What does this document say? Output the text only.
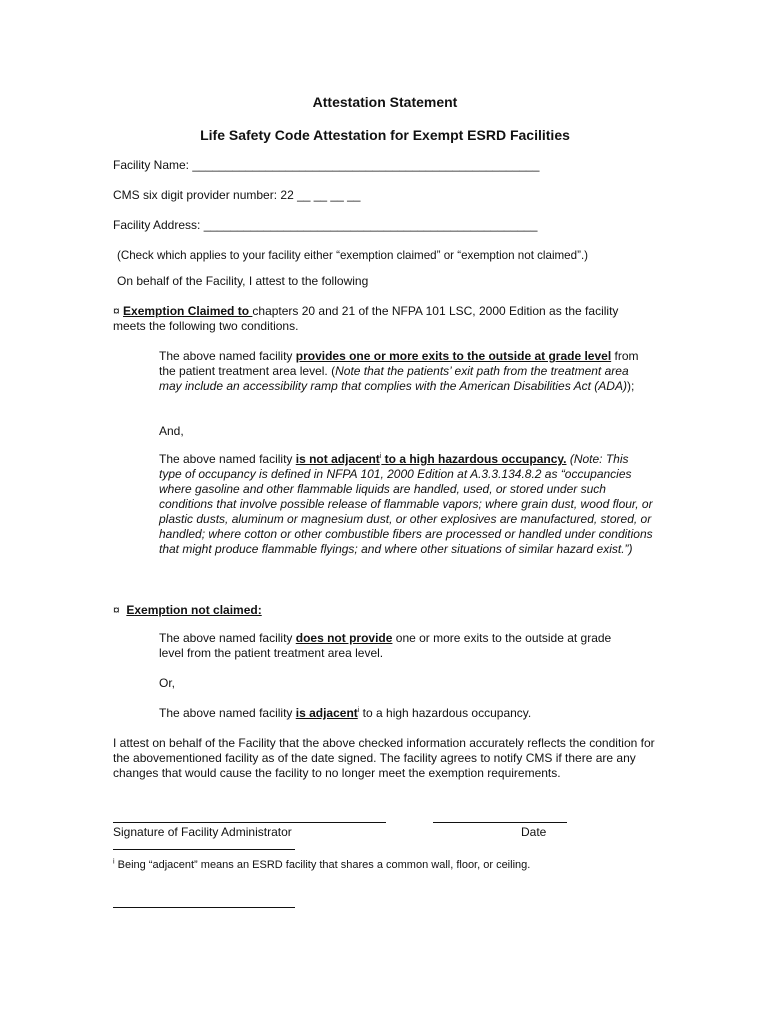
Attestation Statement
Life Safety Code Attestation for Exempt ESRD Facilities
Facility Name: ____________________________________________________
CMS six digit provider number: 22 __ __ __ __
Facility Address: __________________________________________________
(Check which applies to your facility either “exemption claimed” or “exemption not claimed”.)
On behalf of the Facility, I attest to the following
¤ Exemption Claimed to chapters 20 and 21 of the NFPA 101 LSC, 2000 Edition as the facility
meets the following two conditions.
The above named facility provides one or more exits to the outside at grade level from the patient treatment area level. (Note that the patients’ exit path from the treatment area may include an accessibility ramp that complies with the American Disabilities Act (ADA));
And,
The above named facility is not adjacent$^i$ to a high hazardous occupancy. (Note: This type of occupancy is defined in NFPA 101, 2000 Edition at A.3.3.134.8.2 as “occupancies where gasoline and other flammable liquids are handled, used, or stored under such conditions that involve possible release of flammable vapors; where grain dust, wood flour, or plastic dusts, aluminum or magnesium dust, or other explosives are manufactured, stored, or handled; where cotton or other combustible fibers are processed or handled under conditions that might produce flammable flyings; and where other situations of similar hazard exist.”)
¤ Exemption not claimed:
The above named facility does not provide one or more exits to the outside at grade level from the patient treatment area level.
Or,
The above named facility is adjacent$^i$ to a high hazardous occupancy.
I attest on behalf of the Facility that the above checked information accurately reflects the condition for the abovementioned facility as of the date signed. The facility agrees to notify CMS if there are any changes that would cause the facility to no longer meet the exemption requirements.
Signature of Facility Administrator	Date
$^i$ Being “adjacent” means an ESRD facility that shares a common wall, floor, or ceiling.
